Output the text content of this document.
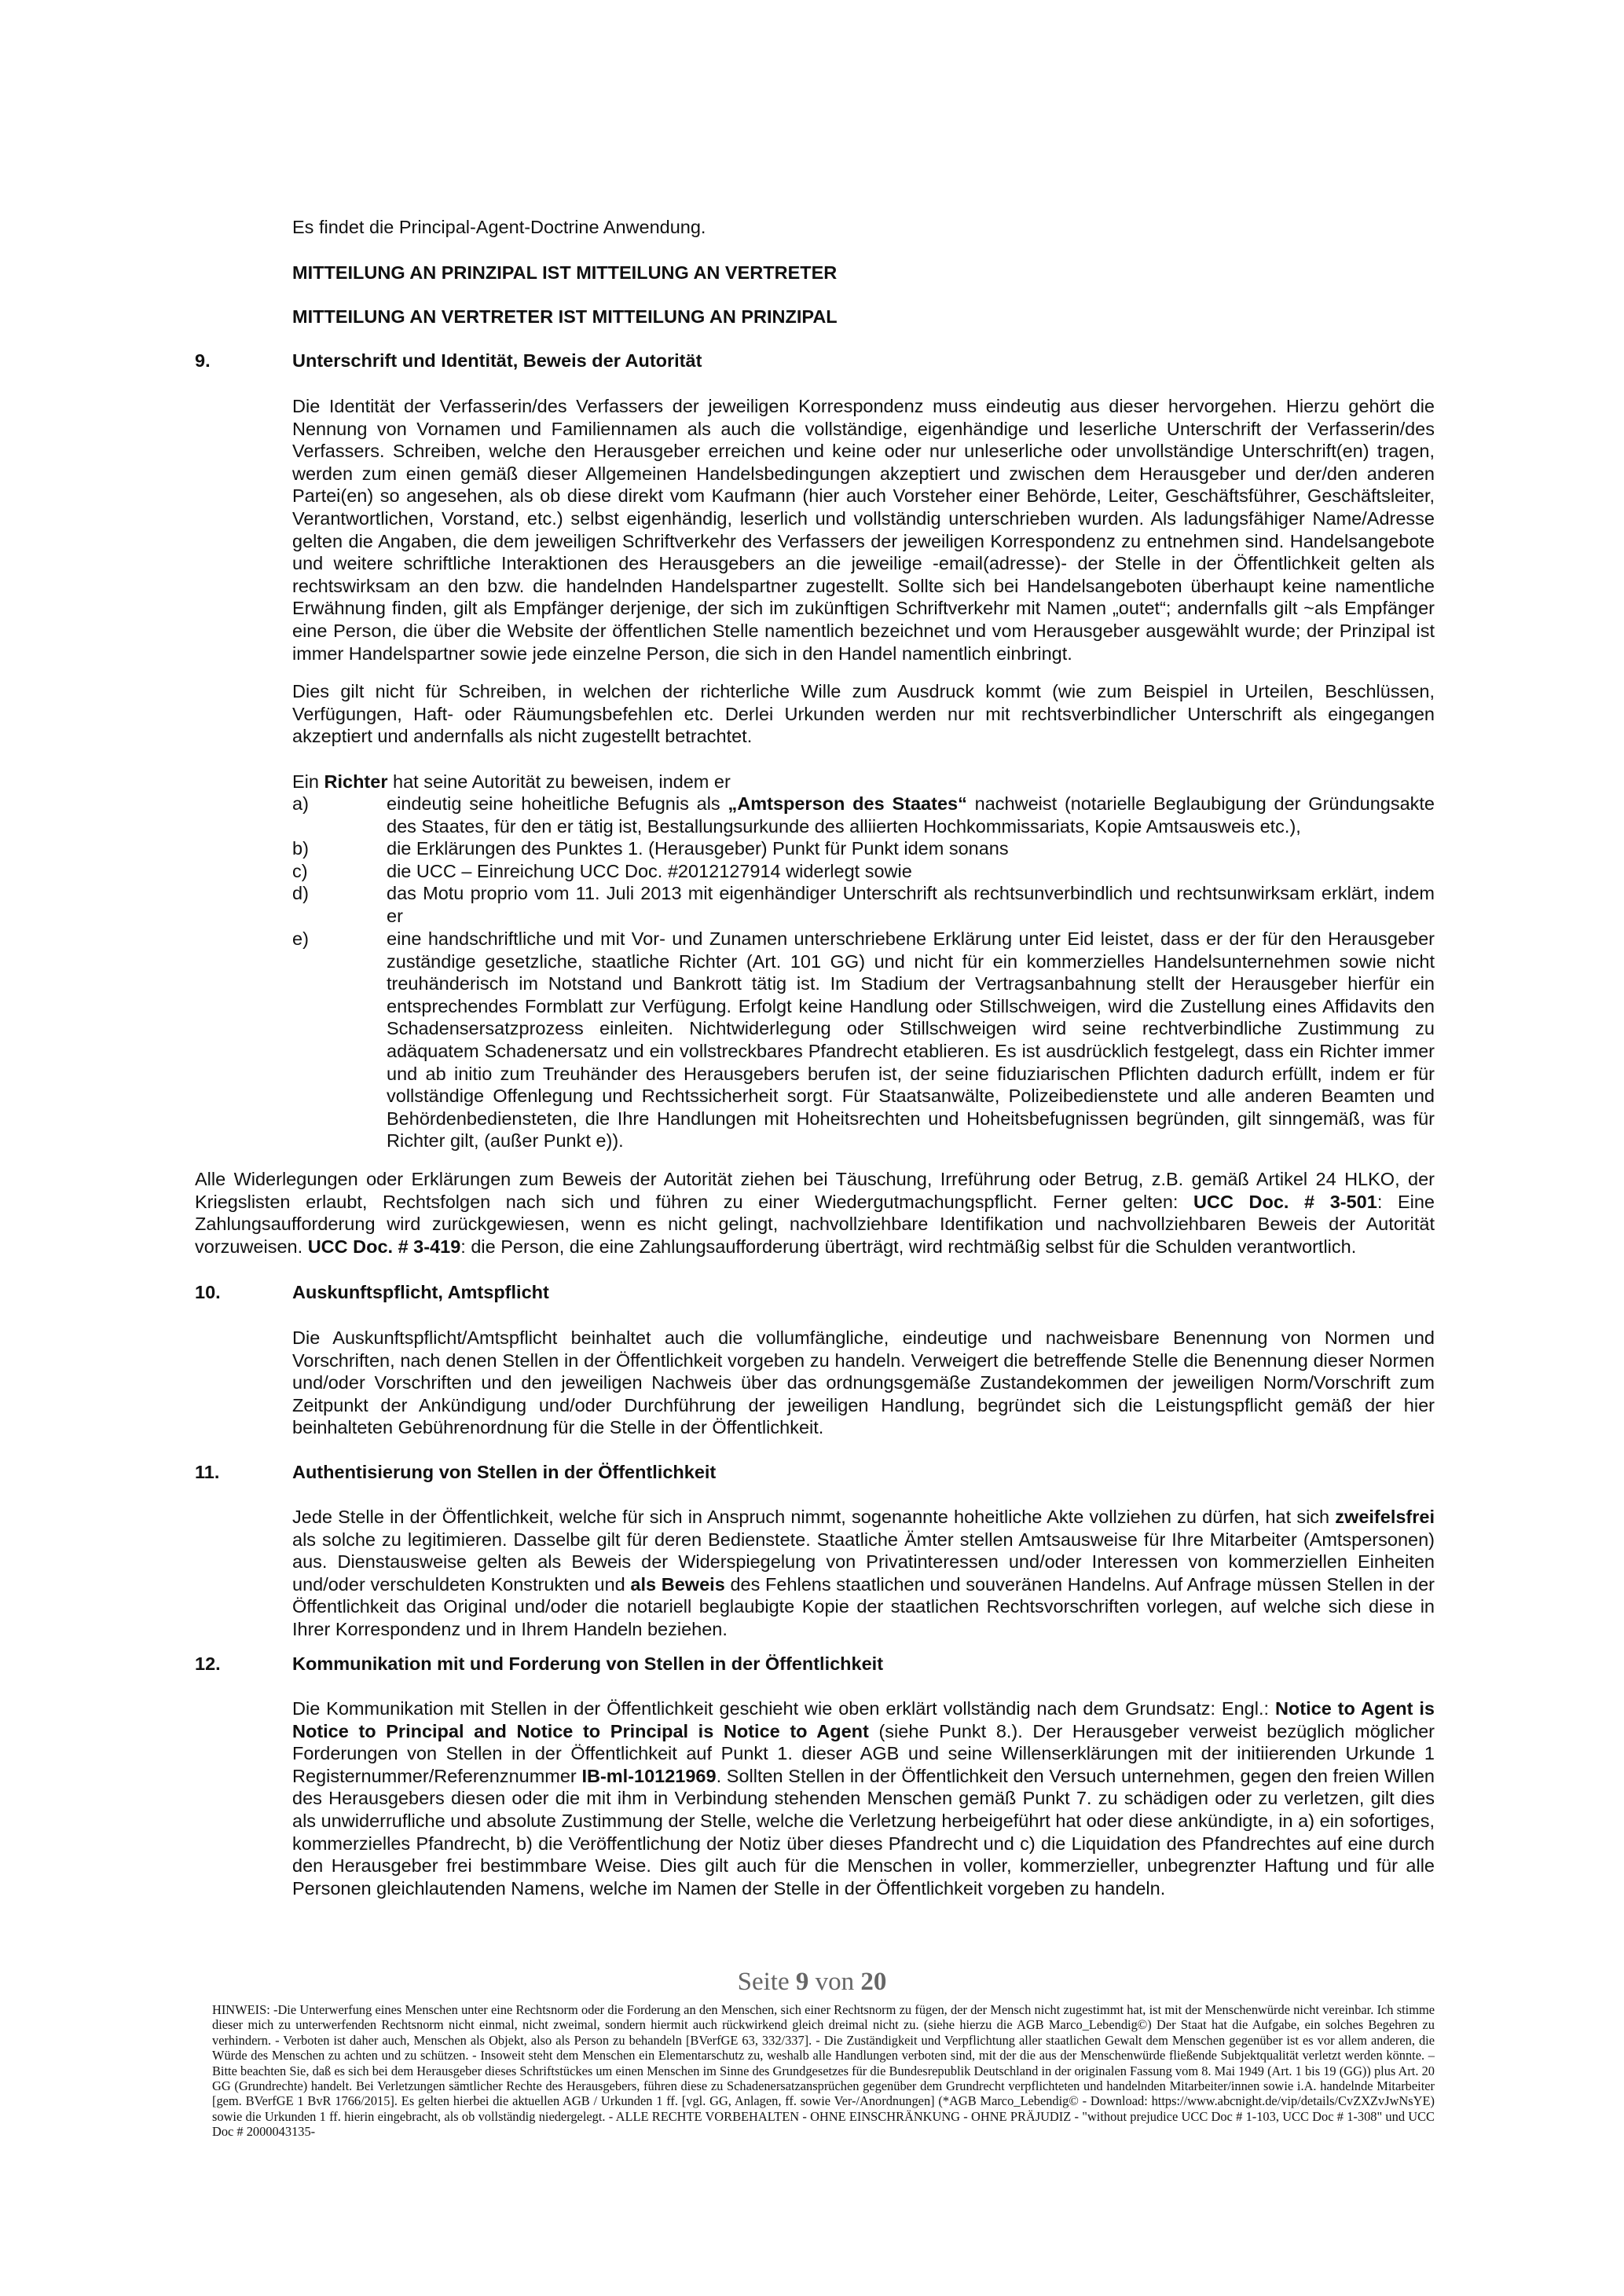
Es findet die Principal-Agent-Doctrine Anwendung.
MITTEILUNG AN PRINZIPAL IST MITTEILUNG AN VERTRETER
MITTEILUNG AN VERTRETER IST MITTEILUNG AN PRINZIPAL
9.	Unterschrift und Identität, Beweis der Autorität
Die Identität der Verfasserin/des Verfassers der jeweiligen Korrespondenz muss eindeutig aus dieser hervorgehen. Hierzu gehört die Nennung von Vornamen und Familiennamen als auch die vollständige, eigenhändige und leserliche Unterschrift der Verfasserin/des Verfassers. Schreiben, welche den Herausgeber erreichen und keine oder nur unleserliche oder unvollständige Unterschrift(en) tragen, werden zum einen gemäß dieser Allgemeinen Handelsbedingungen akzeptiert und zwischen dem Herausgeber und der/den anderen Partei(en) so angesehen, als ob diese direkt vom Kaufmann (hier auch Vorsteher einer Behörde, Leiter, Geschäftsführer, Geschäftsleiter, Verantwortlichen, Vorstand, etc.) selbst eigenhändig, leserlich und vollständig unterschrieben wurden. Als ladungsfähiger Name/Adresse gelten die Angaben, die dem jeweiligen Schriftverkehr des Verfassers der jeweiligen Korrespondenz zu entnehmen sind. Handelsangebote und weitere schriftliche Interaktionen des Herausgebers an die jeweilige -email(adresse)- der Stelle in der Öffentlichkeit gelten als rechtswirksam an den bzw. die handelnden Handelspartner zugestellt. Sollte sich bei Handelsangeboten überhaupt keine namentliche Erwähnung finden, gilt als Empfänger derjenige, der sich im zukünftigen Schriftverkehr mit Namen „outet“; andernfalls gilt ~als Empfänger eine Person, die über die Website der öffentlichen Stelle namentlich bezeichnet und vom Herausgeber ausgewählt wurde; der Prinzipal ist immer Handelspartner sowie jede einzelne Person, die sich in den Handel namentlich einbringt.
Dies gilt nicht für Schreiben, in welchen der richterliche Wille zum Ausdruck kommt (wie zum Beispiel in Urteilen, Beschlüssen, Verfügungen, Haft- oder Räumungsbefehlen etc. Derlei Urkunden werden nur mit rechtsverbindlicher Unterschrift als eingegangen akzeptiert und andernfalls als nicht zugestellt betrachtet.
Ein Richter hat seine Autorität zu beweisen, indem er
a)	eindeutig seine hoheitliche Befugnis als „Amtsperson des Staates“ nachweist (notarielle Beglaubigung der Gründungsakte des Staates, für den er tätig ist, Bestallungsurkunde des alliierten Hochkommissariats, Kopie Amtsausweis etc.),
b)	die Erklärungen des Punktes 1. (Herausgeber) Punkt für Punkt idem sonans
c)	die UCC – Einreichung UCC Doc. #2012127914 widerlegt sowie
d)	das Motu proprio vom 11. Juli 2013 mit eigenhändiger Unterschrift als rechtsunverbindlich und rechtsunwirksam erklärt, indem er
e)	eine handschriftliche und mit Vor- und Zunamen unterschriebene Erklärung unter Eid leistet, dass er der für den Herausgeber zuständige gesetzliche, staatliche Richter (Art. 101 GG) und nicht für ein kommerzielles Handelsunternehmen sowie nicht treuhänderisch im Notstand und Bankrott tätig ist. Im Stadium der Vertragsanbahnung stellt der Herausgeber hierfür ein entsprechendes Formblatt zur Verfügung. Erfolgt keine Handlung oder Stillschweigen, wird die Zustellung eines Affidavits den Schadensersatzprozess einleiten. Nichtwiderlegung oder Stillschweigen wird seine rechtverbindliche Zustimmung zu adäquatem Schadenersatz und ein vollstreckbares Pfandrecht etablieren. Es ist ausdrücklich festgelegt, dass ein Richter immer und ab initio zum Treuhänder des Herausgebers berufen ist, der seine fiduziarischen Pflichten dadurch erfüllt, indem er für vollständige Offenlegung und Rechtssicherheit sorgt. Für Staatsanwälte, Polizeibedienstete und alle anderen Beamten und Behördenbediensteten, die Ihre Handlungen mit Hoheitsrechten und Hoheitsbefugnissen begründen, gilt sinngemäß, was für Richter gilt, (außer Punkt e)).
Alle Widerlegungen oder Erklärungen zum Beweis der Autorität ziehen bei Täuschung, Irreführung oder Betrug, z.B. gemäß Artikel 24 HLKO, der Kriegslisten erlaubt, Rechtsfolgen nach sich und führen zu einer Wiedergutmachungspflicht. Ferner gelten: UCC Doc. # 3-501: Eine Zahlungsaufforderung wird zurückgewiesen, wenn es nicht gelingt, nachvollziehbare Identifikation und nachvollziehbaren Beweis der Autorität vorzuweisen. UCC Doc. # 3-419: die Person, die eine Zahlungsaufforderung überträgt, wird rechtmäßig selbst für die Schulden verantwortlich.
10.	Auskunftspflicht, Amtspflicht
Die Auskunftspflicht/Amtspflicht beinhaltet auch die vollumfängliche, eindeutige und nachweisbare Benennung von Normen und Vorschriften, nach denen Stellen in der Öffentlichkeit vorgeben zu handeln. Verweigert die betreffende Stelle die Benennung dieser Normen und/oder Vorschriften und den jeweiligen Nachweis über das ordnungsgemäße Zustandekommen der jeweiligen Norm/Vorschrift zum Zeitpunkt der Ankündigung und/oder Durchführung der jeweiligen Handlung, begründet sich die Leistungspflicht gemäß der hier beinhalteten Gebührenordnung für die Stelle in der Öffentlichkeit.
11.	Authentisierung von Stellen in der Öffentlichkeit
Jede Stelle in der Öffentlichkeit, welche für sich in Anspruch nimmt, sogenannte hoheitliche Akte vollziehen zu dürfen, hat sich zweifelsfrei als solche zu legitimieren. Dasselbe gilt für deren Bedienstete. Staatliche Ämter stellen Amtsausweise für Ihre Mitarbeiter (Amtspersonen) aus. Dienstausweise gelten als Beweis der Widerspiegelung von Privatinteressen und/oder Interessen von kommerziellen Einheiten und/oder verschuldeten Konstrukten und als Beweis des Fehlens staatlichen und souveränen Handelns. Auf Anfrage müssen Stellen in der Öffentlichkeit das Original und/oder die notariell beglaubigte Kopie der staatlichen Rechtsvorschriften vorlegen, auf welche sich diese in Ihrer Korrespondenz und in Ihrem Handeln beziehen.
12.	Kommunikation mit und Forderung von Stellen in der Öffentlichkeit
Die Kommunikation mit Stellen in der Öffentlichkeit geschieht wie oben erklärt vollständig nach dem Grundsatz: Engl.: Notice to Agent is Notice to Principal and Notice to Principal is Notice to Agent (siehe Punkt 8.). Der Herausgeber verweist bezüglich möglicher Forderungen von Stellen in der Öffentlichkeit auf Punkt 1. dieser AGB und seine Willenserklärungen mit der initiierenden Urkunde 1 Registernummer/Referenznummer IB-ml-10121969. Sollten Stellen in der Öffentlichkeit den Versuch unternehmen, gegen den freien Willen des Herausgebers diesen oder die mit ihm in Verbindung stehenden Menschen gemäß Punkt 7. zu schädigen oder zu verletzen, gilt dies als unwiderrufliche und absolute Zustimmung der Stelle, welche die Verletzung herbeigeführt hat oder diese ankündigte, in a) ein sofortiges, kommerzielles Pfandrecht, b) die Veröffentlichung der Notiz über dieses Pfandrecht und c) die Liquidation des Pfandrechtes auf eine durch den Herausgeber frei bestimmbare Weise. Dies gilt auch für die Menschen in voller, kommerzieller, unbegrenzter Haftung und für alle Personen gleichlautenden Namens, welche im Namen der Stelle in der Öffentlichkeit vorgeben zu handeln.
Seite 9 von 20
HINWEIS: -Die Unterwerfung eines Menschen unter eine Rechtsnorm oder die Forderung an den Menschen, sich einer Rechtsnorm zu fügen, der der Mensch nicht zugestimmt hat, ist mit der Menschenwürde nicht vereinbar. Ich stimme dieser mich zu unterwerfenden Rechtsnorm nicht einmal, nicht zweimal, sondern hiermit auch rückwirkend gleich dreimal nicht zu. (siehe hierzu die AGB Marco_Lebendig©) Der Staat hat die Aufgabe, ein solches Begehren zu verhindern. - Verboten ist daher auch, Menschen als Objekt, also als Person zu behandeln [BVerfGE 63, 332/337]. - Die Zuständigkeit und Verpflichtung aller staatlichen Gewalt dem Menschen gegenüber ist es vor allem anderen, die Würde des Menschen zu achten und zu schützen. - Insoweit steht dem Menschen ein Elementarschutz zu, weshalb alle Handlungen verboten sind, mit der die aus der Menschenwürde fließende Subjektqualität verletzt werden könnte. – Bitte beachten Sie, daß es sich bei dem Herausgeber dieses Schriftstückes um einen Menschen im Sinne des Grundgesetzes für die Bundesrepublik Deutschland in der originalen Fassung vom 8. Mai 1949 (Art. 1 bis 19 (GG)) plus Art. 20 GG (Grundrechte) handelt. Bei Verletzungen sämtlicher Rechte des Herausgebers, führen diese zu Schadenersatzansprüchen gegenüber dem Grundrecht verpflichteten und handelnden Mitarbeiter/innen sowie i.A. handelnde Mitarbeiter [gem. BVerfGE 1 BvR 1766/2015]. Es gelten hierbei die aktuellen AGB / Urkunden 1 ff. [vgl. GG, Anlagen, ff. sowie Ver-/Anordnungen] (*AGB Marco_Lebendig© - Download: https://www.abcnight.de/vip/details/CvZXZvJwNsYE) sowie die Urkunden 1 ff. hierin eingebracht, als ob vollständig niedergelegt. - ALLE RECHTE VORBEHALTEN - OHNE EINSCHRÄNKUNG - OHNE PRÄJUDIZ - "without prejudice UCC Doc # 1-103, UCC Doc # 1-308" und UCC Doc # 2000043135-
